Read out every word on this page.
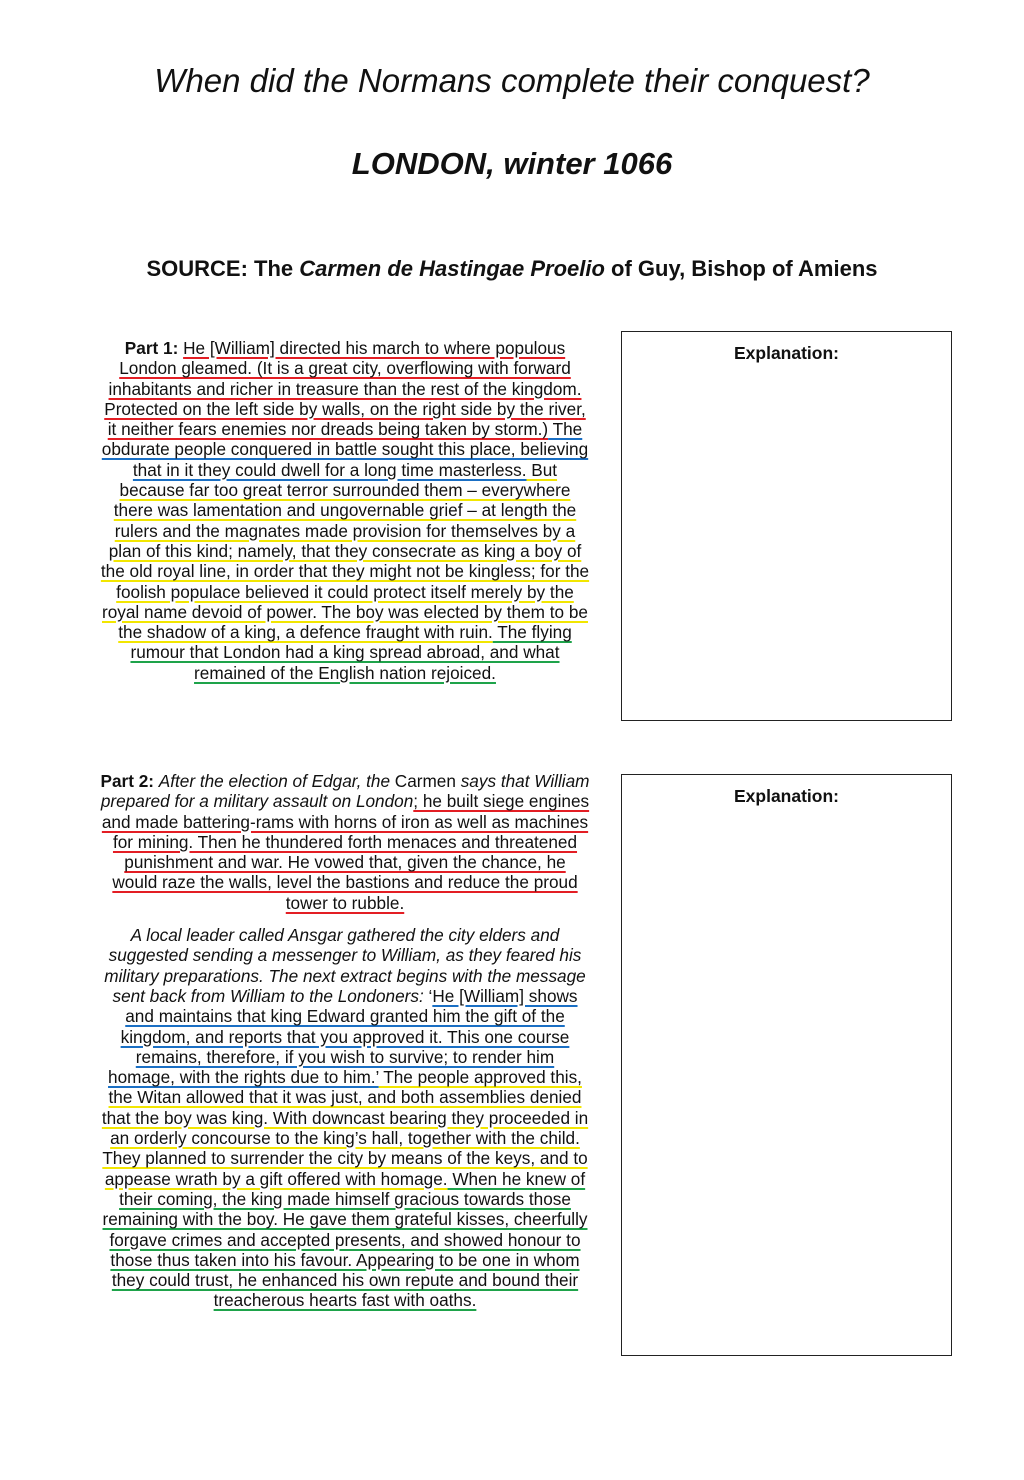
When did the Normans complete their conquest?
LONDON, winter 1066
SOURCE: The Carmen de Hastingae Proelio of Guy, Bishop of Amiens

Part 1: He [William] directed his march to where populous London gleamed. (It is a great city, overflowing with forward inhabitants and richer in treasure than the rest of the kingdom. Protected on the left side by walls, on the right side by the river, it neither fears enemies nor dreads being taken by storm.) The obdurate people conquered in battle sought this place, believing that in it they could dwell for a long time masterless. But because far too great terror surrounded them – everywhere there was lamentation and ungovernable grief – at length the rulers and the magnates made provision for themselves by a plan of this kind; namely, that they consecrate as king a boy of the old royal line, in order that they might not be kingless; for the foolish populace believed it could protect itself merely by the royal name devoid of power. The boy was elected by them to be the shadow of a king, a defence fraught with ruin. The flying rumour that London had a king spread abroad, and what remained of the English nation rejoiced.

Explanation:

Part 2: After the election of Edgar, the Carmen says that William prepared for a military assault on London; he built siege engines and made battering-rams with horns of iron as well as machines for mining. Then he thundered forth menaces and threatened punishment and war. He vowed that, given the chance, he would raze the walls, level the bastions and reduce the proud tower to rubble.

A local leader called Ansgar gathered the city elders and suggested sending a messenger to William, as they feared his military preparations. The next extract begins with the message sent back from William to the Londoners: ‘He [William] shows and maintains that king Edward granted him the gift of the kingdom, and reports that you approved it. This one course remains, therefore, if you wish to survive; to render him homage, with the rights due to him.’ The people approved this, the Witan allowed that it was just, and both assemblies denied that the boy was king. With downcast bearing they proceeded in an orderly concourse to the king’s hall, together with the child. They planned to surrender the city by means of the keys, and to appease wrath by a gift offered with homage. When he knew of their coming, the king made himself gracious towards those remaining with the boy. He gave them grateful kisses, cheerfully forgave crimes and accepted presents, and showed honour to those thus taken into his favour. Appearing to be one in whom they could trust, he enhanced his own repute and bound their treacherous hearts fast with oaths.

Explanation:
